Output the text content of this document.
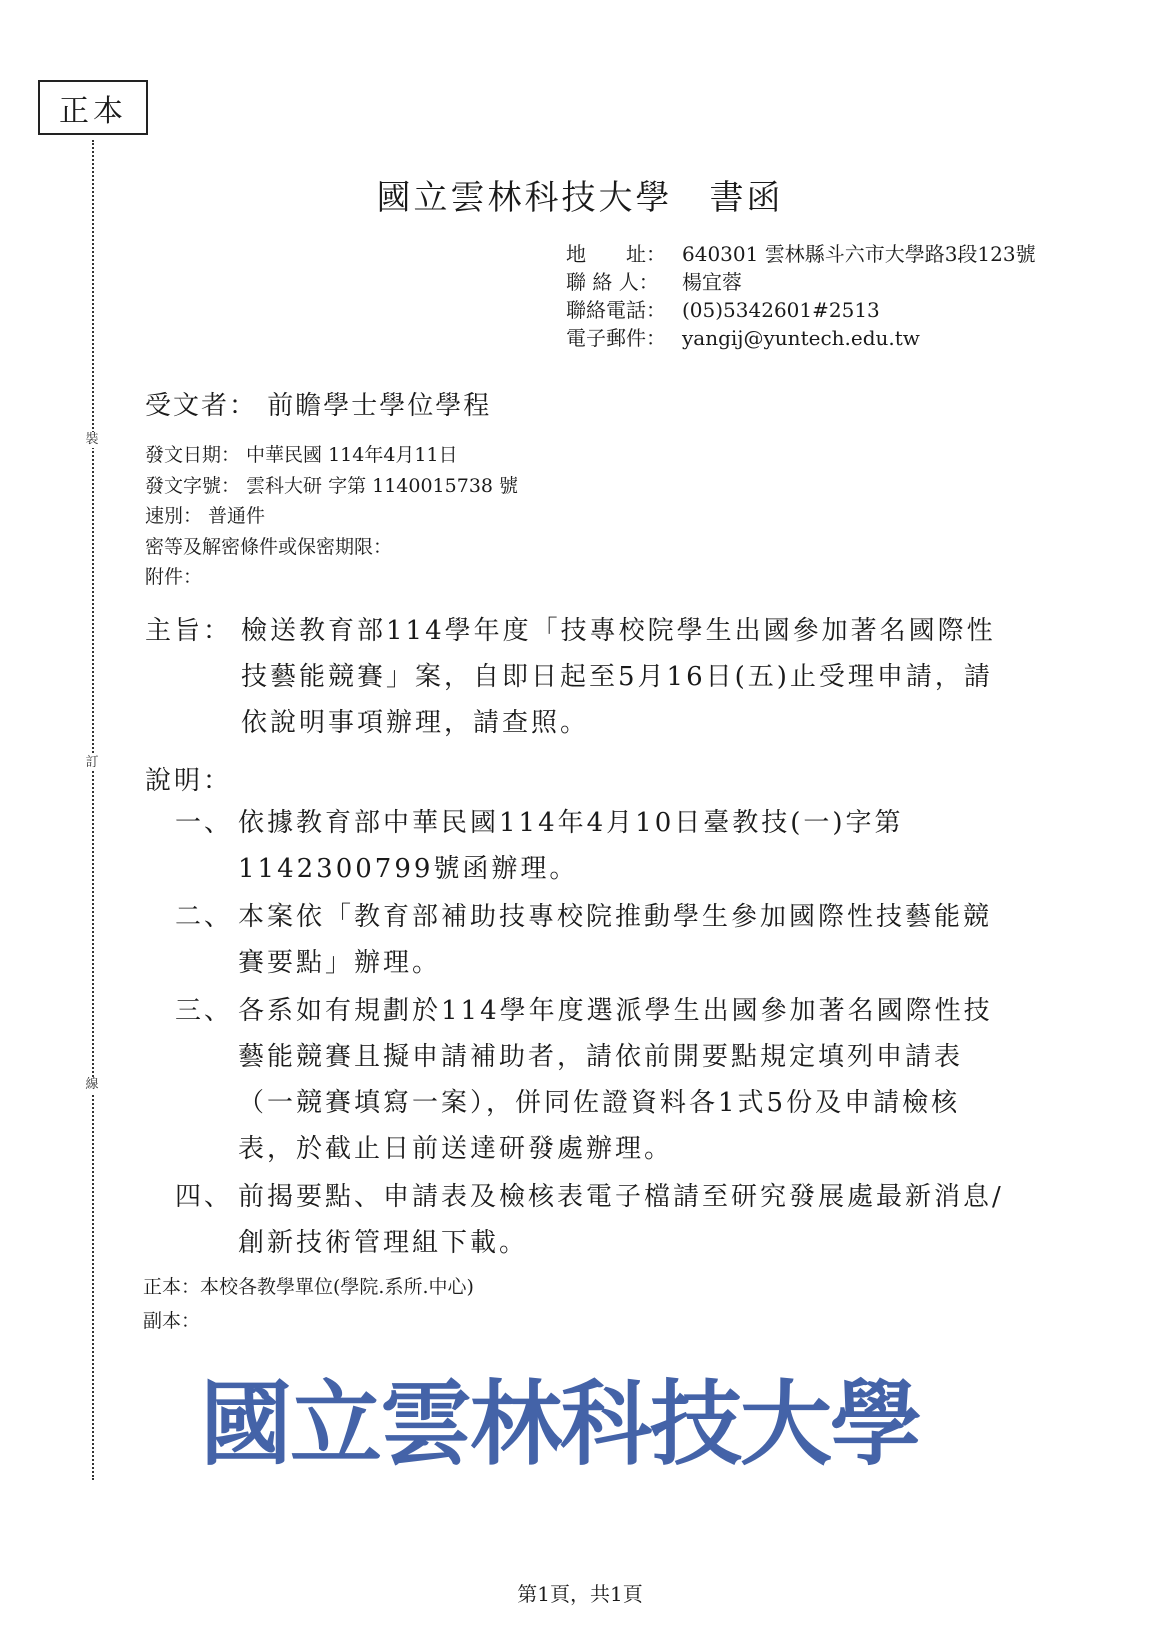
正本
裝
訂
線
國立雲林科技大學　書函
地　　址： 640301 雲林縣斗六市大學路3段123號
聯 絡 人：	楊宜蓉
聯絡電話： (05)5342601#2513
電子郵件： yangij@yuntech.edu.tw
受文者： 前瞻學士學位學程
發文日期： 中華民國 114年4月11日
發文字號： 雲科大研 字第 1140015738 號
速別： 普通件
密等及解密條件或保密期限：
附件：
主旨： 檢送教育部114學年度「技專校院學生出國參加著名國際性技藝能競賽」案，自即日起至5月16日(五)止受理申請，請依說明事項辦理，請查照。
說明：
一、 依據教育部中華民國114年4月10日臺教技(一)字第1142300799號函辦理。
二、 本案依「教育部補助技專校院推動學生參加國際性技藝能競賽要點」辦理。
三、 各系如有規劃於114學年度選派學生出國參加著名國際性技藝能競賽且擬申請補助者，請依前開要點規定填列申請表（一競賽填寫一案），併同佐證資料各1式5份及申請檢核表，於截止日前送達研發處辦理。
四、 前揭要點、申請表及檢核表電子檔請至研究發展處最新消息/創新技術管理組下載。
正本：本校各教學單位(學院.系所.中心)
副本：
國立雲林科技大學
第1頁，共1頁
